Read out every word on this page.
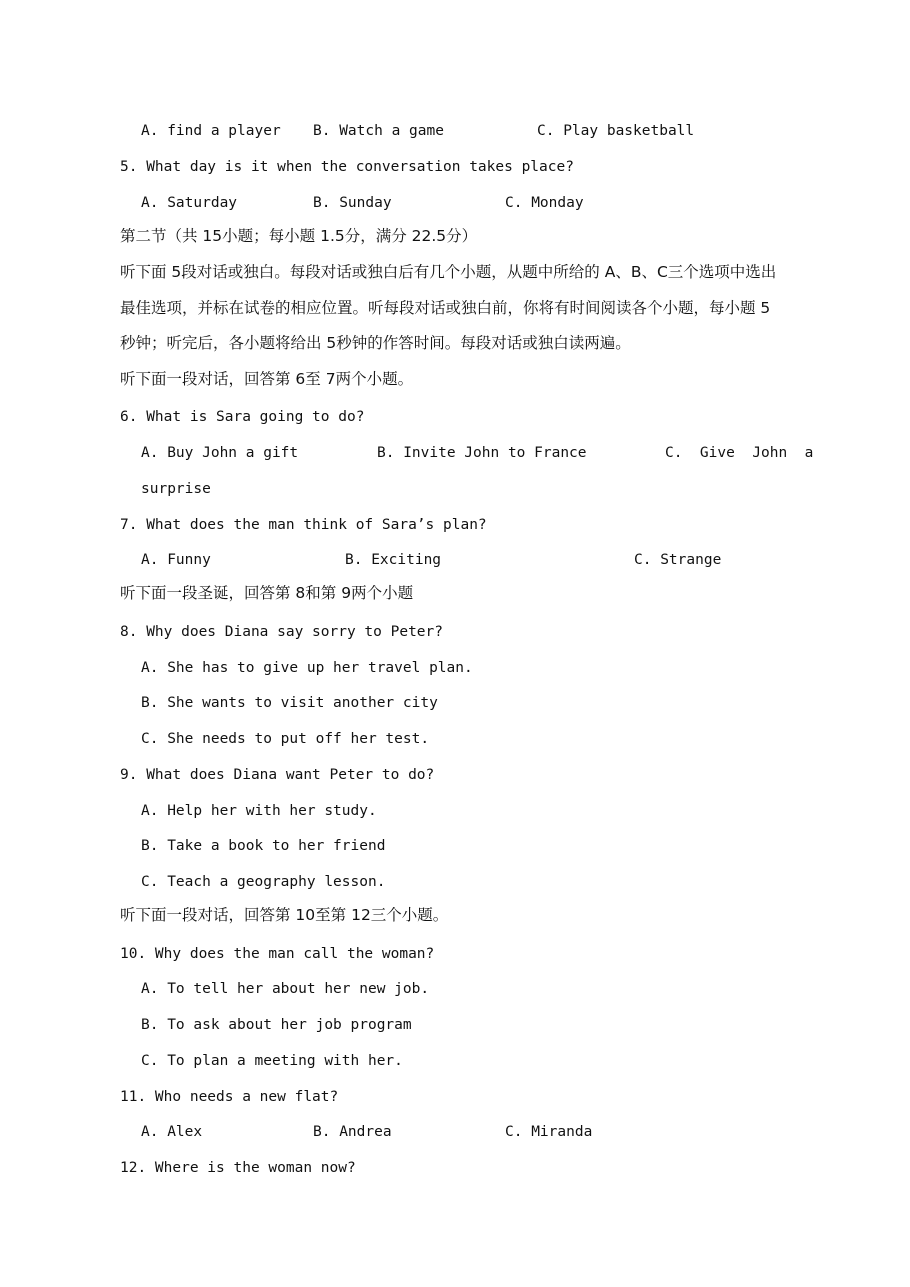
A. find a player B. Watch a game	C. Play basketball
5. What day is it when the conversation takes place?
A. Saturday	B. Sunday	C. Monday
第二节（共 15小题；每小题 1.5分，满分 22.5分）
听下面 5段对话或独白。每段对话或独白后有几个小题，从题中所给的 A、B、C三个选项中选出
最佳选项，并标在试卷的相应位置。听每段对话或独白前，你将有时间阅读各个小题，每小题 5
秒钟；听完后，各小题将给出 5秒钟的作答时间。每段对话或独白读两遍。
听下面一段对话，回答第 6至 7两个小题。
6. What is Sara going to do?
A. Buy John a gift	B. Invite John to France	C.  Give  John  a
surprise
7. What does the man think of Sara’s plan?
A. Funny	B. Exciting	C. Strange
听下面一段圣诞，回答第 8和第 9两个小题
8. Why does Diana say sorry to Peter?
A. She has to give up her travel plan.
B. She wants to visit another city
C. She needs to put off her test.
9. What does Diana want Peter to do?
A. Help her with her study.
B. Take a book to her friend
C. Teach a geography lesson.
听下面一段对话，回答第 10至第 12三个小题。
10. Why does the man call the woman?
A. To tell her about her new job.
B. To ask about her job program
C. To plan a meeting with her.
11. Who needs a new flat?
A. Alex	B. Andrea	C. Miranda
12. Where is the woman now?
